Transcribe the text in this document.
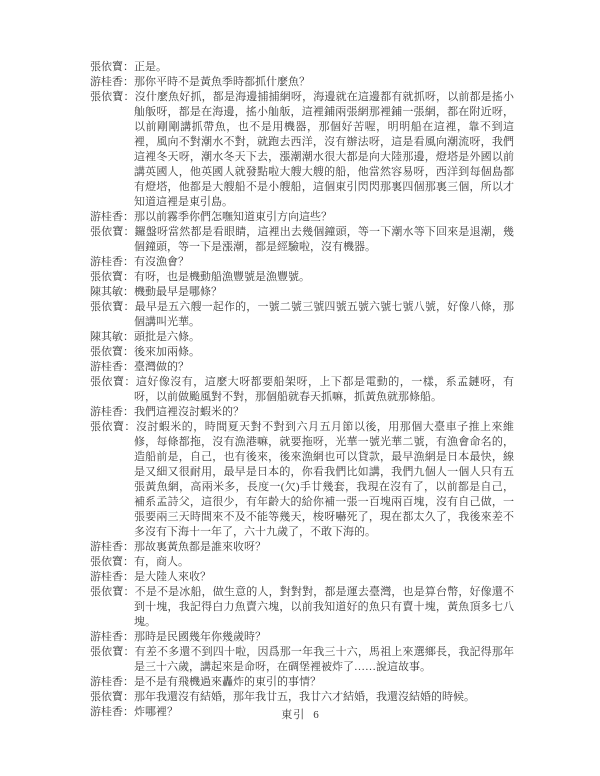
張依寶：正是。

游桂香：那你平時不是黃魚季時都抓什麼魚？

張依寶：沒什麼魚好抓，都是海邊捕捕網呀，海邊就在這邊都有就抓呀，以前都是搖小舢舨呀，都是在海邊，搖小舢舨，這裡鋪兩張網那裡鋪一張網，都在附近呀，以前剛剛講抓帶魚，也不是用機器，那個好苦喔，明明船在這裡，靠不到這裡，風向不對潮水不對，就跑去西洋，沒有辦法呀，這是看風向潮流呀，我們這裡冬天呀，潮水冬天下去，漲潮潮水很大都是向大陸那邊，燈塔是外國以前講英國人，他英國人就發點啦大艘大艘的船，他當然容易呀，西洋到每個島都有燈塔，他都是大艘船不是小艘船，這個東引閃閃那裏四個那裏三個，所以才知道這裡是東引島。

游桂香：那以前霧季你們怎嘸知道東引方向這些？

張依寶：鑼盤呀當然都是看眼睛，這裡出去幾個鐘頭，等一下潮水等下回來是退潮，幾個鐘頭，等一下是漲潮，都是經驗啦，沒有機器。

游桂香：有沒漁會？

張依寶：有呀，也是機動船漁豐號是漁豐號。

陳其敏：機動最早是哪條？

張依寶：最早是五六艘一起作的，一號二號三號四號五號六號七號八號，好像八條，那個講叫光華。

陳其敏：頭批是六條。

張依寶：後來加兩條。

游桂香：臺灣做的？

張依寶：這好像沒有，這麼大呀都要船架呀，上下都是電動的，一樣，系孟鏈呀，有呀，以前做颱風對不對，那個船就春天抓嘛，抓黃魚就那條船。

游桂香：我們這裡沒討蝦米的？

張依寶：沒討蝦米的，時間夏天對不對到六月五月節以後，用那個大臺車子推上來維修，每條都拖，沒有漁港嘛，就要拖呀，光華一號光華二號，有漁會命名的，造船前是，自己，也有後來，後來漁網也可以貸款，最早漁網是日本最快，線是又細又很耐用，最早是日本的，你看我們比如講，我們九個人一個人只有五張黃魚網，高兩米多，長度一(欠)手廿幾套，我現在沒有了，以前都是自己，補系孟詩父，這很少，有年齡大的給你補一張一百塊兩百塊，沒有自己做，一張要兩三天時間來不及不能等幾天，梭呀嚇死了，現在都太久了，我後來差不多沒有下海十一年了，六十九歲了，不敢下海的。

游桂香：那故裏黃魚都是誰來收呀？

張依寶：有，商人。

游桂香：是大陸人來收？

張依寶：不是不是冰船，做生意的人，對對對，都是運去臺灣，也是算台幣，好像還不到十塊，我記得白力魚賣六塊，以前我知道好的魚只有賣十塊，黃魚頂多七八塊。

游桂香：那時是民國幾年你幾歲時？

張依寶：有差不多還不到四十啦，因爲那一年我三十六，馬祖上來選鄉長，我記得那年是三十六歲，講起來是命呀，在碉堡裡被炸了……說這故事。

游桂香：是不是有飛機過來轟炸的東引的事情？

張依寶：那年我還沒有結婚，那年我廿五，我廿六才結婚，我還沒結婚的時候。

游桂香：炸哪裡？	東引 6
